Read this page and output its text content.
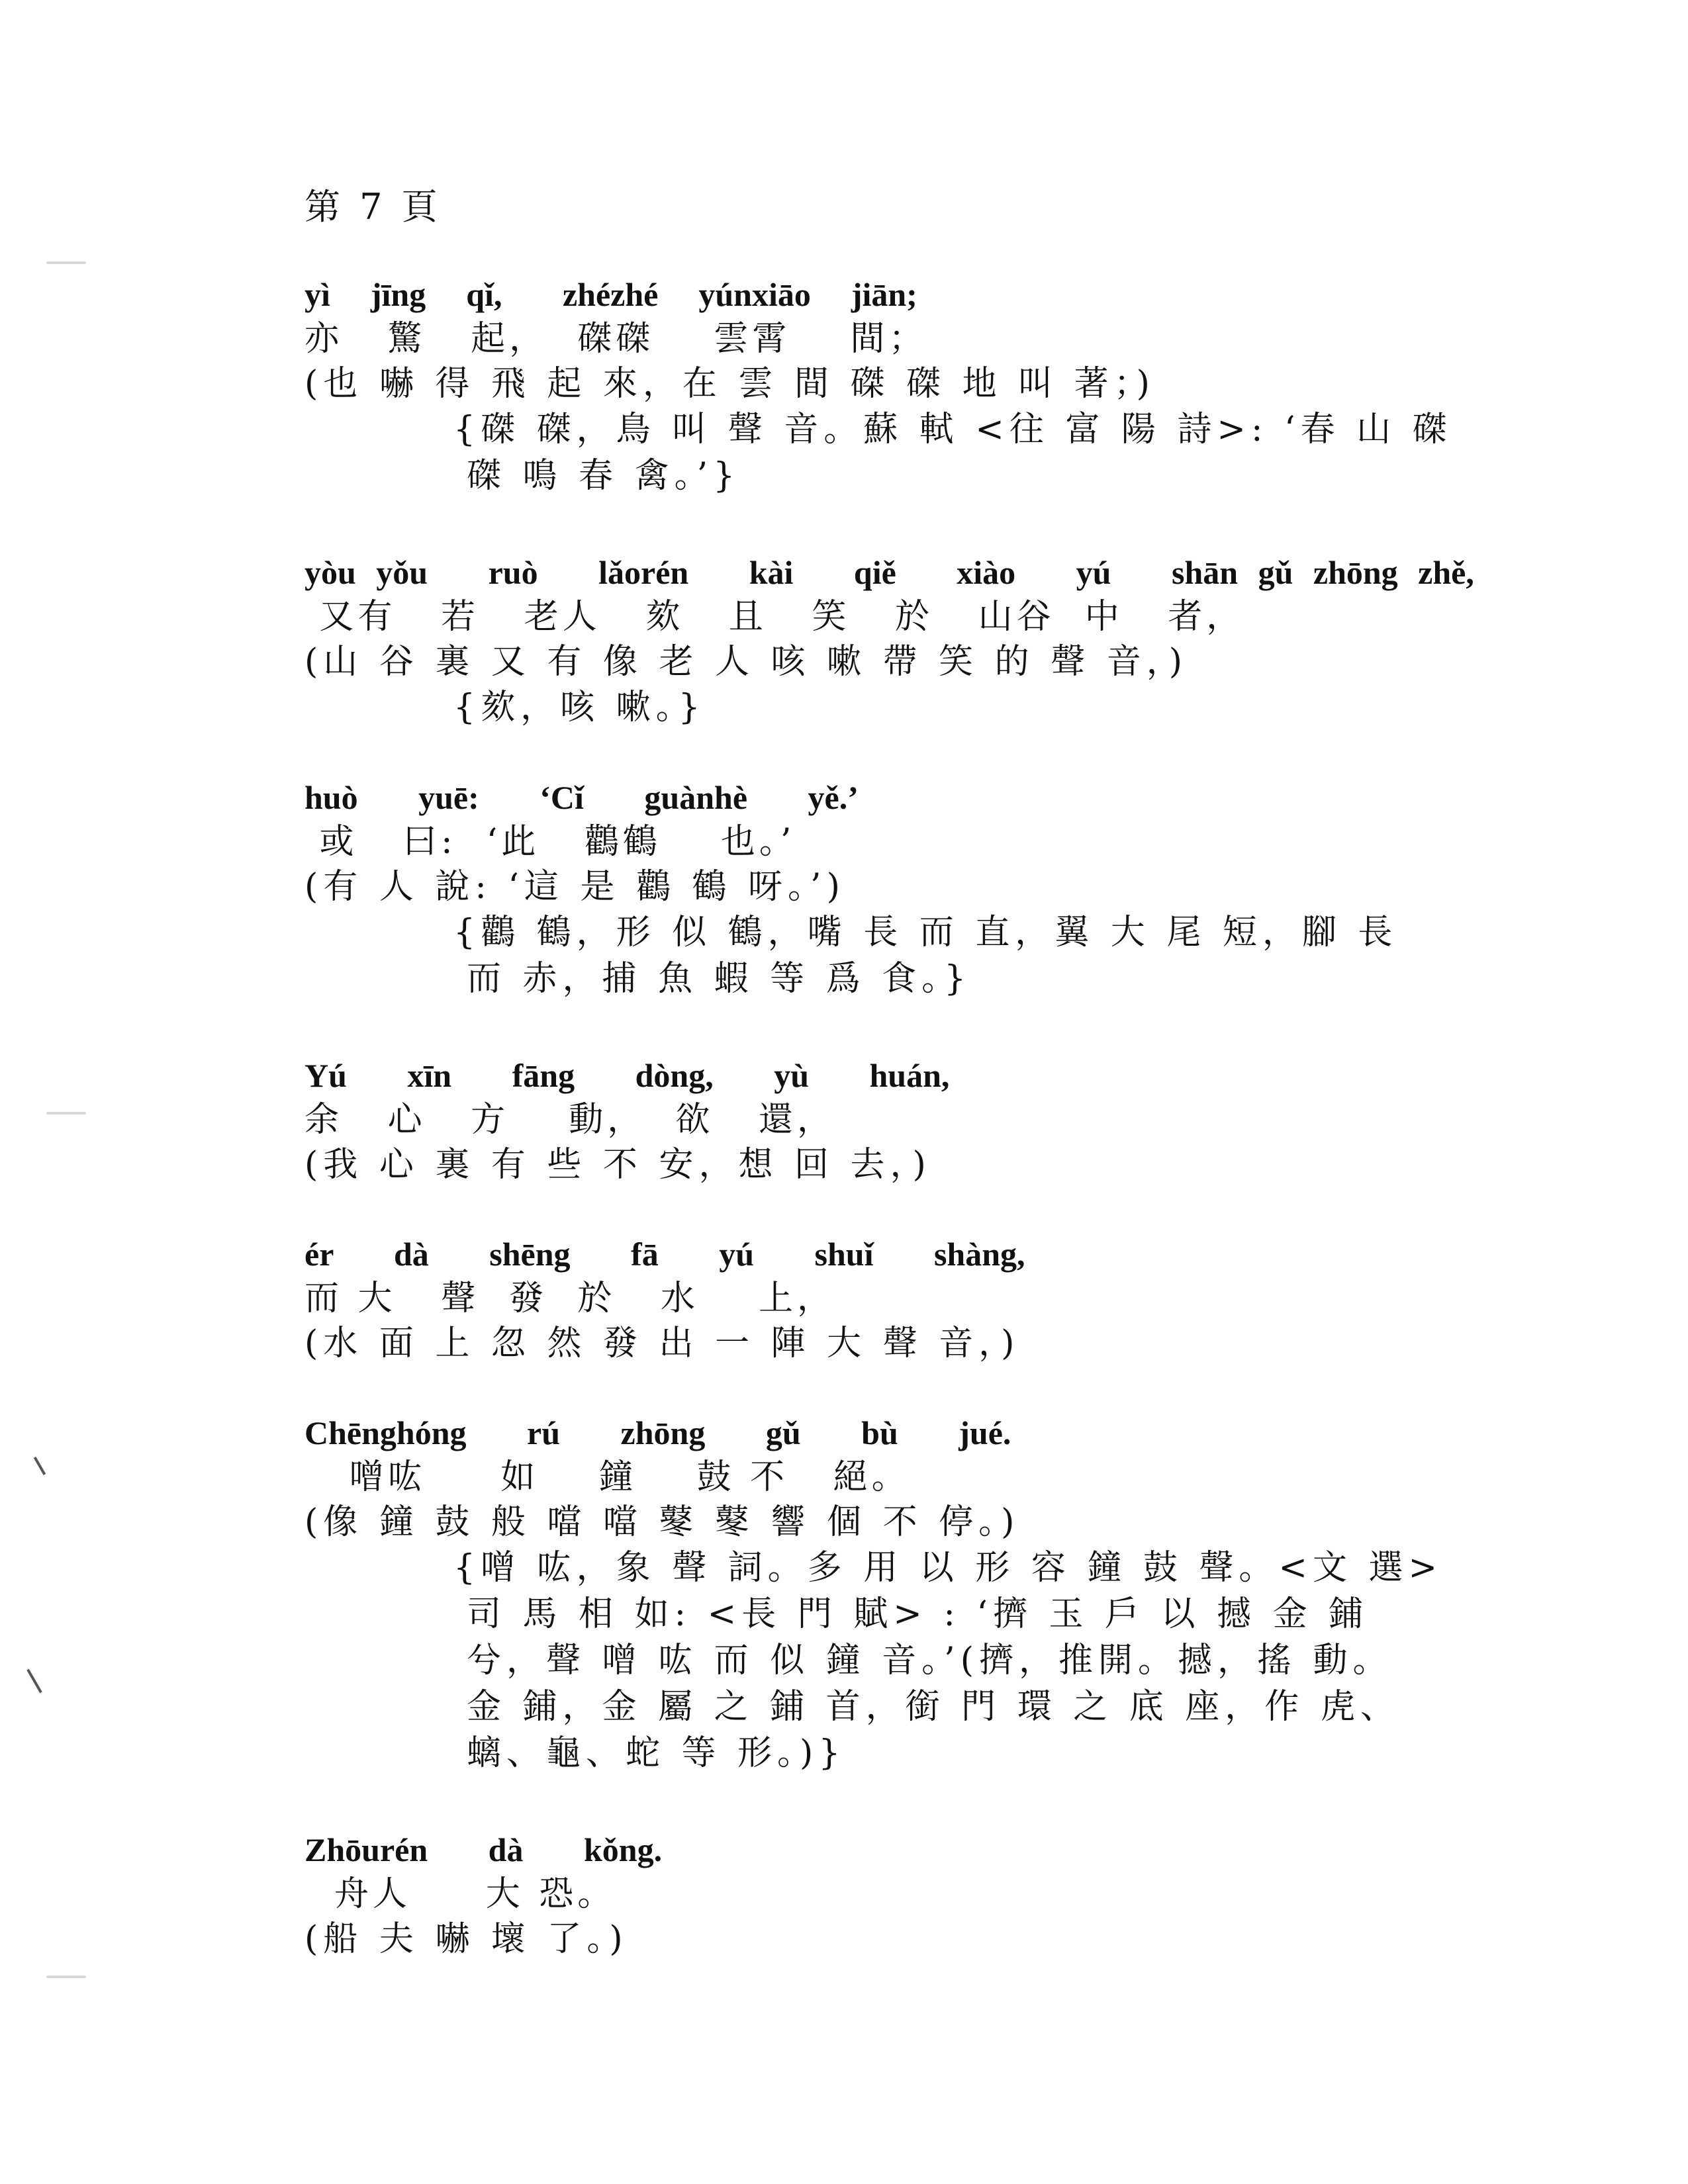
第 7 頁
yì  jīng  qǐ,   zhézhé  yúnxiāo  jiān;
亦   驚   起，  磔磔    雲霄    間；
(也 嚇 得 飛 起 來，在 雲 間 磔 磔 地 叫 著；)
{磔 磔，鳥 叫 聲 音。蘇 軾 <往 富 陽 詩>: ‘春 山 磔
磔 鳴 春 禽。’}
yòu yǒu   ruò   lǎorén   kài   qiě   xiào   yú   shān gǔ zhōng zhě,
又有   若   老人   欬   且   笑   於   山谷  中   者，
(山 谷 裏 又 有 像 老 人 咳 嗽 帶 笑 的 聲 音，)
{欬，咳 嗽。}
huò   yuē:   ‘Cǐ   guànhè   yě.’
或   曰:  ‘此   鸛鶴    也。’
(有 人 說: ‘這 是 鸛 鶴 呀。’)
{鸛 鶴，形 似 鶴，嘴 長 而 直，翼 大 尾 短，腳 長
而 赤，捕 魚 蝦 等 爲 食。}
Yú   xīn   fāng   dòng,   yù   huán,
余   心   方    動，  欲   還，
(我 心 裏 有 些 不 安，想 回 去，)
ér   dà   shēng   fā   yú   shuǐ   shàng,
而 大   聲  發  於   水    上，
(水 面 上 忽 然 發 出 一 陣 大 聲 音，)
Chēnghóng   rú   zhōng   gǔ   bù   jué.
噌吰     如    鐘    鼓 不   絕。
(像 鐘 鼓 般 噹 噹 鼕 鼕 響 個 不 停。)
{噌 吰，象 聲 詞。多 用 以 形 容 鐘 鼓 聲。<文 選>
司 馬 相 如: <長 門 賦> : ‘擠 玉 戶 以 撼 金 鋪
兮，聲 噌 吰 而 似 鐘 音。’(擠，推開。撼，搖 動。
金 鋪，金 屬 之 鋪 首，銜 門 環 之 底 座，作 虎、
螭、龜、蛇 等 形。)}
Zhōurén   dà   kǒng.
舟人     大 恐。
(船 夫 嚇 壞 了。)
